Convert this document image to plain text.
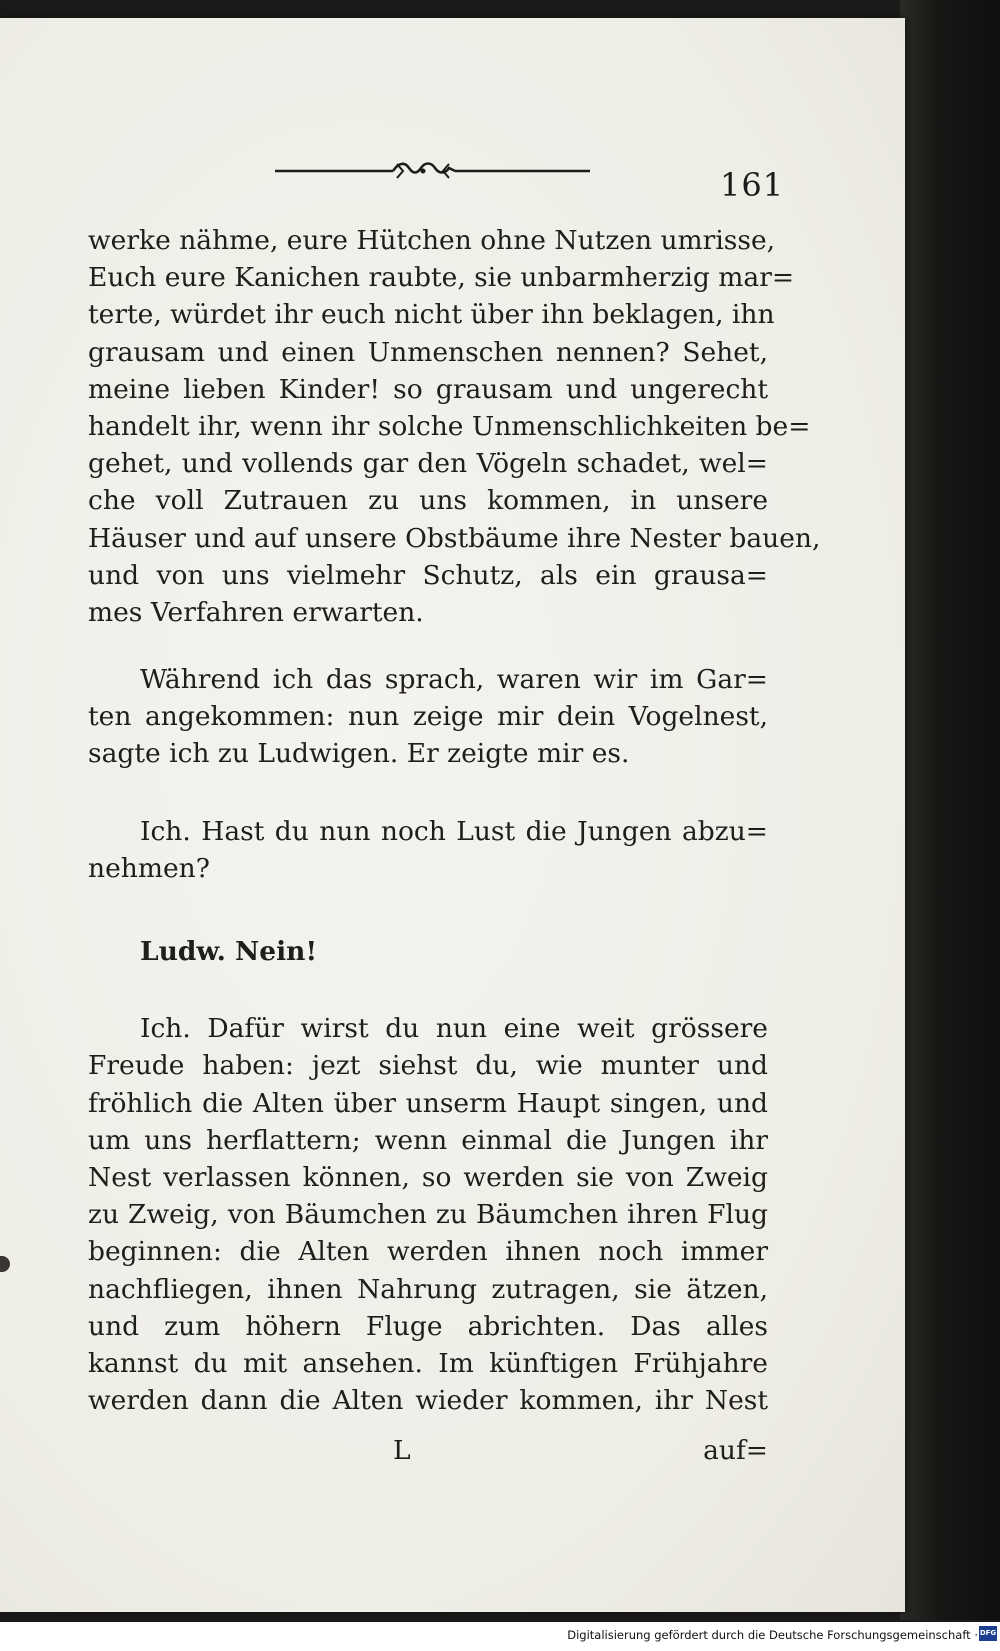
161
werke nähme, eure Hütchen ohne Nutzen umrisse,
Euch eure Kanichen raubte, sie unbarmherzig mar=
terte, würdet ihr euch nicht über ihn beklagen, ihn
grausam und einen Unmenschen nennen? Sehet,
meine lieben Kinder! so grausam und ungerecht
handelt ihr, wenn ihr solche Unmenschlichkeiten be=
gehet, und vollends gar den Vögeln schadet, wel=
che voll Zutrauen zu uns kommen, in unsere
Häuser und auf unsere Obstbäume ihre Nester bauen,
und von uns vielmehr Schutz, als ein grausa=
mes Verfahren erwarten.
Während ich das sprach, waren wir im Gar=
ten angekommen: nun zeige mir dein Vogelnest,
sagte ich zu Ludwigen. Er zeigte mir es.
Ich. Hast du nun noch Lust die Jungen abzu=
nehmen?
Ludw. Nein!
Ich. Dafür wirst du nun eine weit grössere
Freude haben: jezt siehst du, wie munter und
fröhlich die Alten über unserm Haupt singen, und
um uns herflattern; wenn einmal die Jungen ihr
Nest verlassen können, so werden sie von Zweig
zu Zweig, von Bäumchen zu Bäumchen ihren Flug
beginnen: die Alten werden ihnen noch immer
nachfliegen, ihnen Nahrung zutragen, sie ätzen,
und zum höhern Fluge abrichten. Das alles
kannst du mit ansehen. Im künftigen Frühjahre
werden dann die Alten wieder kommen, ihr Nest
L	auf=
Digitalisierung gefördert durch die Deutsche Forschungsgemeinschaft · DFG
